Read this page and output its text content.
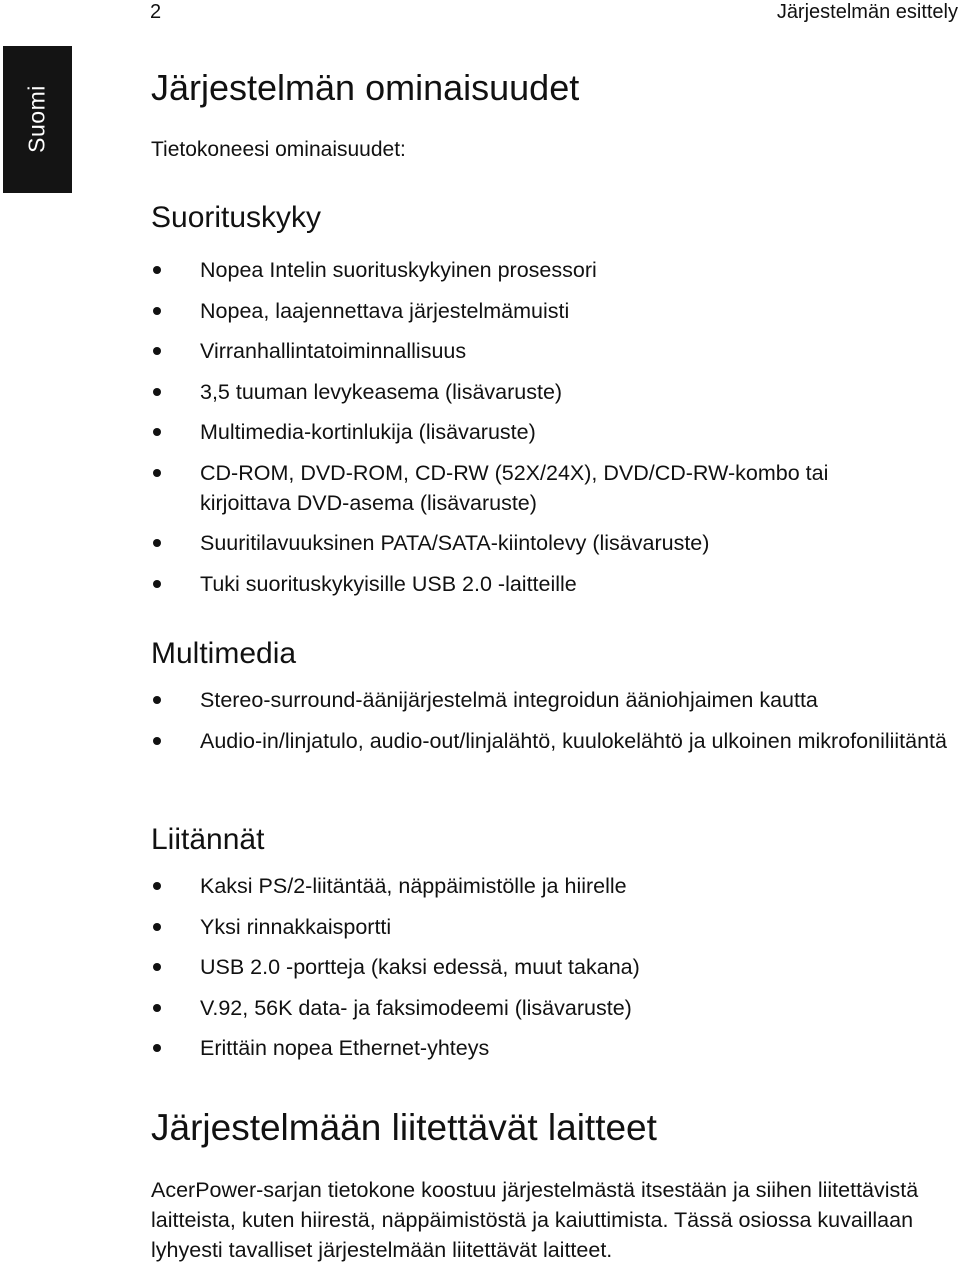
2	Järjestelmän esittely
Suomi	Järjestelmän ominaisuudet

Tietokoneesi ominaisuudet:

Suorituskyky
Nopea Intelin suorituskykyinen prosessori
Nopea, laajennettava järjestelmämuisti
Virranhallintatoiminnallisuus
3,5 tuuman levykeasema (lisävaruste)
Multimedia-kortinlukija (lisävaruste)
CD-ROM, DVD-ROM, CD-RW (52X/24X), DVD/CD-RW-kombo tai kirjoittava DVD-asema (lisävaruste)
Suuritilavuuksinen PATA/SATA-kiintolevy (lisävaruste)
Tuki suorituskykyisille USB 2.0 -laitteille
Multimedia
Stereo-surround-äänijärjestelmä integroidun ääniohjaimen kautta
Audio-in/linjatulo, audio-out/linjalähtö, kuulokelähtö ja ulkoinen mikrofoniliitäntä
Liitännät
Kaksi PS/2-liitäntää, näppäimistölle ja hiirelle
Yksi rinnakkaisportti
USB 2.0 -portteja (kaksi edessä, muut takana)
V.92, 56K data- ja faksimodeemi (lisävaruste)
Erittäin nopea Ethernet-yhteys
Järjestelmään liitettävät laitteet

AcerPower-sarjan tietokone koostuu järjestelmästä itsestään ja siihen liitettävistä laitteista, kuten hiirestä, näppäimistöstä ja kaiuttimista. Tässä osiossa kuvaillaan lyhyesti tavalliset järjestelmään liitettävät laitteet.
